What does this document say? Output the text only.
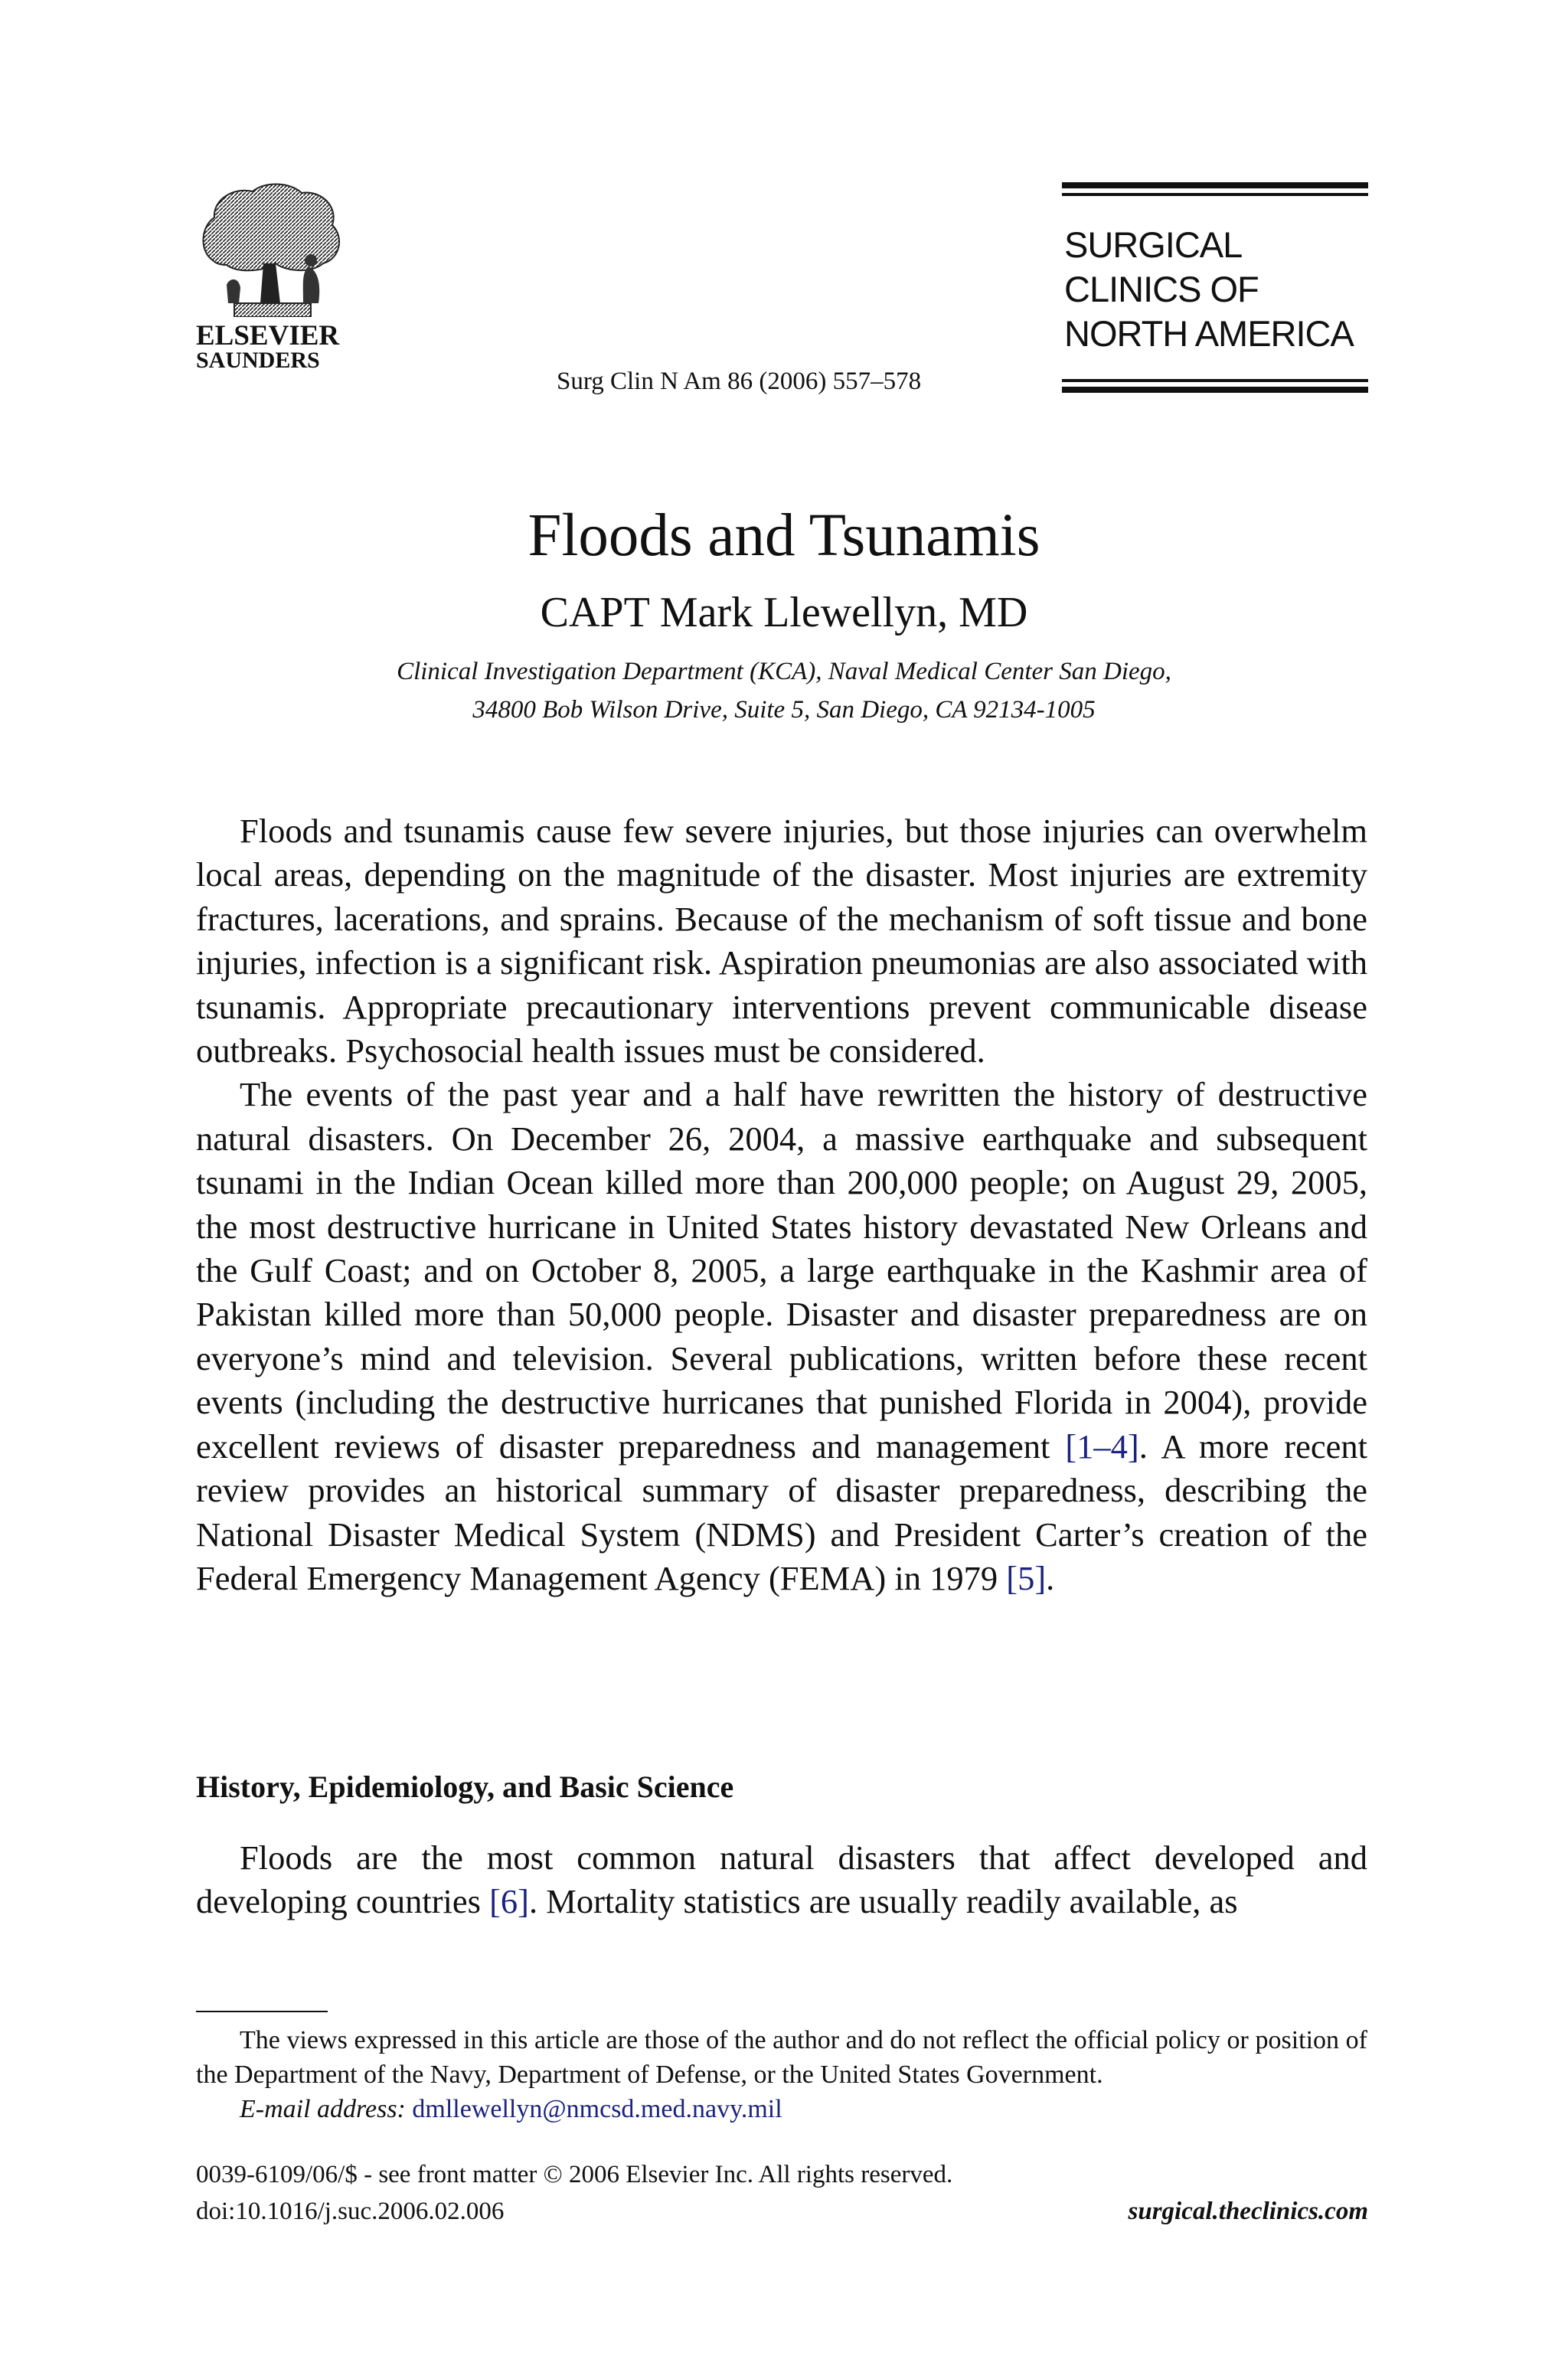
ELSEVIER
SAUNDERS
Surg Clin N Am 86 (2006) 557–578
SURGICAL
CLINICS OF
NORTH AMERICA
Floods and Tsunamis
CAPT Mark Llewellyn, MD
Clinical Investigation Department (KCA), Naval Medical Center San Diego,
34800 Bob Wilson Drive, Suite 5, San Diego, CA 92134-1005

Floods and tsunamis cause few severe injuries, but those injuries can overwhelm local areas, depending on the magnitude of the disaster. Most injuries are extremity fractures, lacerations, and sprains. Because of the mechanism of soft tissue and bone injuries, infection is a significant risk. Aspiration pneumonias are also associated with tsunamis. Appropriate precautionary interventions prevent communicable disease outbreaks. Psychosocial health issues must be considered.

The events of the past year and a half have rewritten the history of destructive natural disasters. On December 26, 2004, a massive earthquake and subsequent tsunami in the Indian Ocean killed more than 200,000 people; on August 29, 2005, the most destructive hurricane in United States history devastated New Orleans and the Gulf Coast; and on October 8, 2005, a large earthquake in the Kashmir area of Pakistan killed more than 50,000 people. Disaster and disaster preparedness are on everyone’s mind and television. Several publications, written before these recent events (including the destructive hurricanes that punished Florida in 2004), provide excellent reviews of disaster preparedness and management [1–4]. A more recent review provides an historical summary of disaster preparedness, describing the National Disaster Medical System (NDMS) and President Carter’s creation of the Federal Emergency Management Agency (FEMA) in 1979 [5].

History, Epidemiology, and Basic Science

Floods are the most common natural disasters that affect developed and developing countries [6]. Mortality statistics are usually readily available, as

The views expressed in this article are those of the author and do not reflect the official policy or position of the Department of the Navy, Department of Defense, or the United States Government.

E-mail address: dmllewellyn@nmcsd.med.navy.mil

0039-6109/06/$ - see front matter © 2006 Elsevier Inc. All rights reserved.
doi:10.1016/j.suc.2006.02.006	surgical.theclinics.com
